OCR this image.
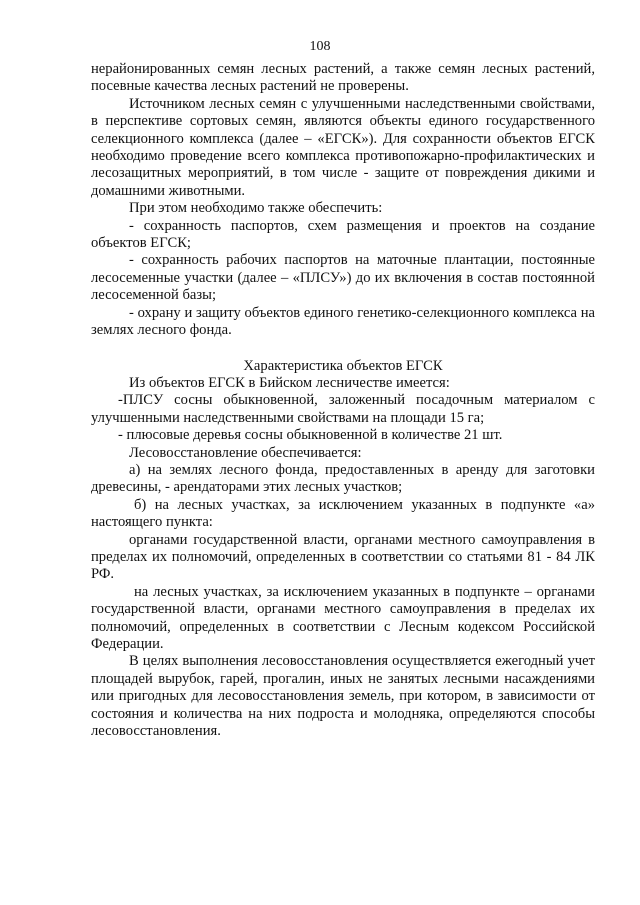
108

нерайонированных семян лесных растений, а также семян лесных растений, посевные качества лесных растений не проверены.

Источником лесных семян с улучшенными наследственными свойствами, в перспективе сортовых семян, являются объекты единого государственного селекционного комплекса (далее – «ЕГСК»). Для сохранности объектов ЕГСК необходимо проведение всего комплекса противопожарно-профилактических и лесозащитных мероприятий, в том числе - защите от повреждения дикими и домашними животными.

При этом необходимо также обеспечить:

- сохранность паспортов, схем размещения и проектов на создание объектов ЕГСК;

- сохранность рабочих паспортов на маточные плантации, постоянные лесосеменные участки (далее – «ПЛСУ») до их включения в состав постоянной лесосеменной базы;

- охрану и защиту объектов единого генетико-селекционного комплекса на землях лесного фонда.

Характеристика объектов ЕГСК

Из объектов ЕГСК в Бийском лесничестве имеется:

-ПЛСУ сосны обыкновенной, заложенный посадочным материалом с улучшенными наследственными свойствами на площади 15 га;

- плюсовые деревья сосны обыкновенной в количестве 21 шт.

Лесовосстановление обеспечивается:

а) на землях лесного фонда, предоставленных в аренду для заготовки древесины, - арендаторами этих лесных участков;

б) на лесных участках, за исключением указанных в подпункте «а» настоящего пункта:

органами государственной власти, органами местного самоуправления в пределах их полномочий, определенных в соответствии со статьями 81 - 84 ЛК РФ.

на лесных участках, за исключением указанных в подпункте – органами государственной власти, органами местного самоуправления в пределах их полномочий, определенных в соответствии с Лесным кодексом Российской Федерации.

В целях выполнения лесовосстановления осуществляется ежегодный учет площадей вырубок, гарей, прогалин, иных не занятых лесными насаждениями или пригодных для лесовосстановления земель, при котором, в зависимости от состояния и количества на них подроста и молодняка, определяются способы лесовосстановления.
